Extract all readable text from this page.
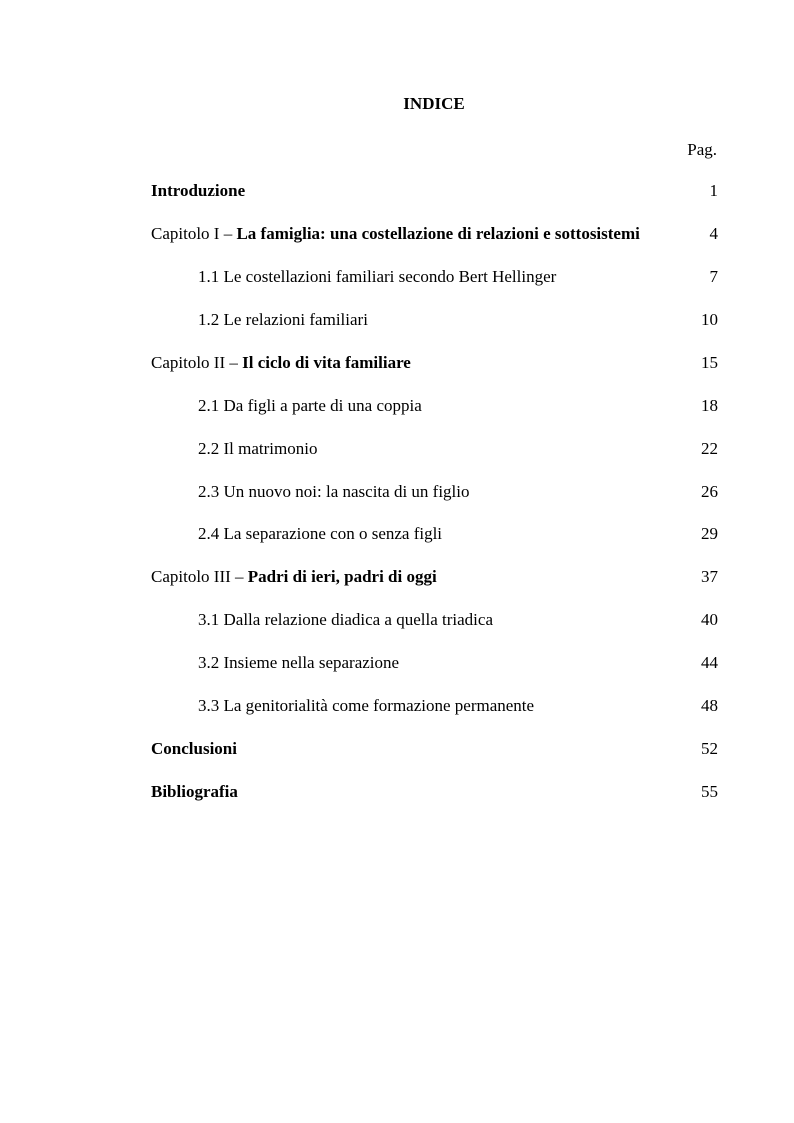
INDICE
Pag.
Introduzione	1
Capitolo I – La famiglia: una costellazione di relazioni e sottosistemi	4
1.1 Le costellazioni familiari secondo Bert Hellinger	7
1.2 Le relazioni familiari	10
Capitolo II – Il ciclo di vita familiare	15
2.1 Da figli a parte di una coppia	18
2.2 Il matrimonio	22
2.3 Un nuovo noi: la nascita di un figlio	26
2.4 La separazione con o senza figli	29
Capitolo III – Padri di ieri, padri di oggi	37
3.1 Dalla relazione diadica a quella triadica	40
3.2 Insieme nella separazione	44
3.3 La genitorialità come formazione permanente	48
Conclusioni	52
Bibliografia	55
